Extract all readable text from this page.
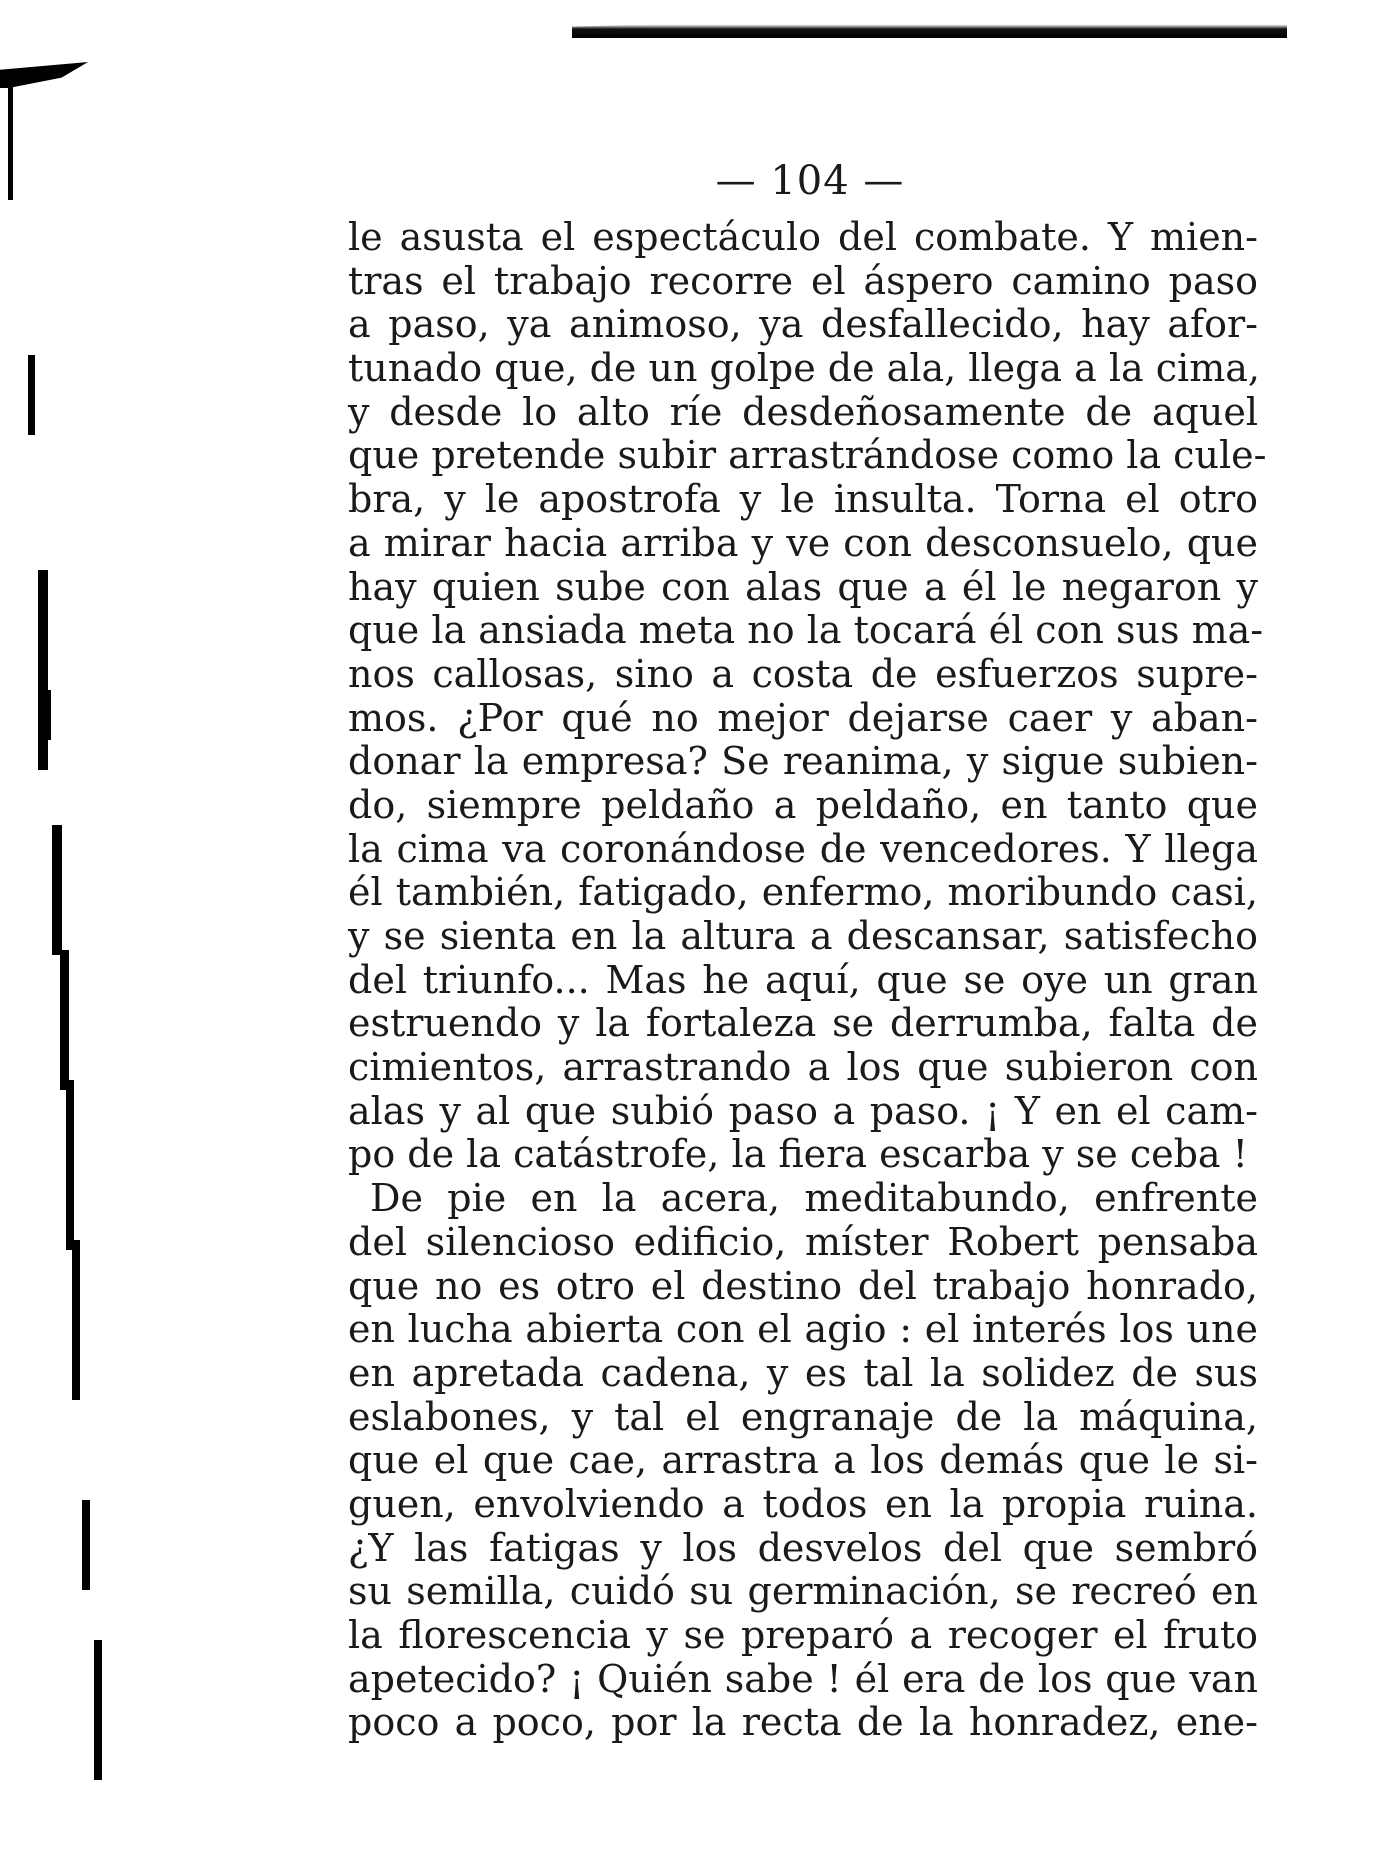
— 104 —
le asusta el espectáculo del combate. Y mien-
tras el trabajo recorre el áspero camino paso
a paso, ya animoso, ya desfallecido, hay afor-
tunado que, de un golpe de ala, llega a la cima,
y desde lo alto ríe desdeñosamente de aquel
que pretende subir arrastrándose como la cule-
bra, y le apostrofa y le insulta. Torna el otro
a mirar hacia arriba y ve con desconsuelo, que
hay quien sube con alas que a él le negaron y
que la ansiada meta no la tocará él con sus ma-
nos callosas, sino a costa de esfuerzos supre-
mos. ¿Por qué no mejor dejarse caer y aban-
donar la empresa? Se reanima, y sigue subien-
do, siempre peldaño a peldaño, en tanto que
la cima va coronándose de vencedores. Y llega
él también, fatigado, enfermo, moribundo casi,
y se sienta en la altura a descansar, satisfecho
del triunfo... Mas he aquí, que se oye un gran
estruendo y la fortaleza se derrumba, falta de
cimientos, arrastrando a los que subieron con
alas y al que subió paso a paso. ¡ Y en el cam-
po de la catástrofe, la fiera escarba y se ceba !
De pie en la acera, meditabundo, enfrente
del silencioso edificio, míster Robert pensaba
que no es otro el destino del trabajo honrado,
en lucha abierta con el agio : el interés los une
en apretada cadena, y es tal la solidez de sus
eslabones, y tal el engranaje de la máquina,
que el que cae, arrastra a los demás que le si-
guen, envolviendo a todos en la propia ruina.
¿Y las fatigas y los desvelos del que sembró
su semilla, cuidó su germinación, se recreó en
la florescencia y se preparó a recoger el fruto
apetecido? ¡ Quién sabe ! él era de los que van
poco a poco, por la recta de la honradez, ene-
